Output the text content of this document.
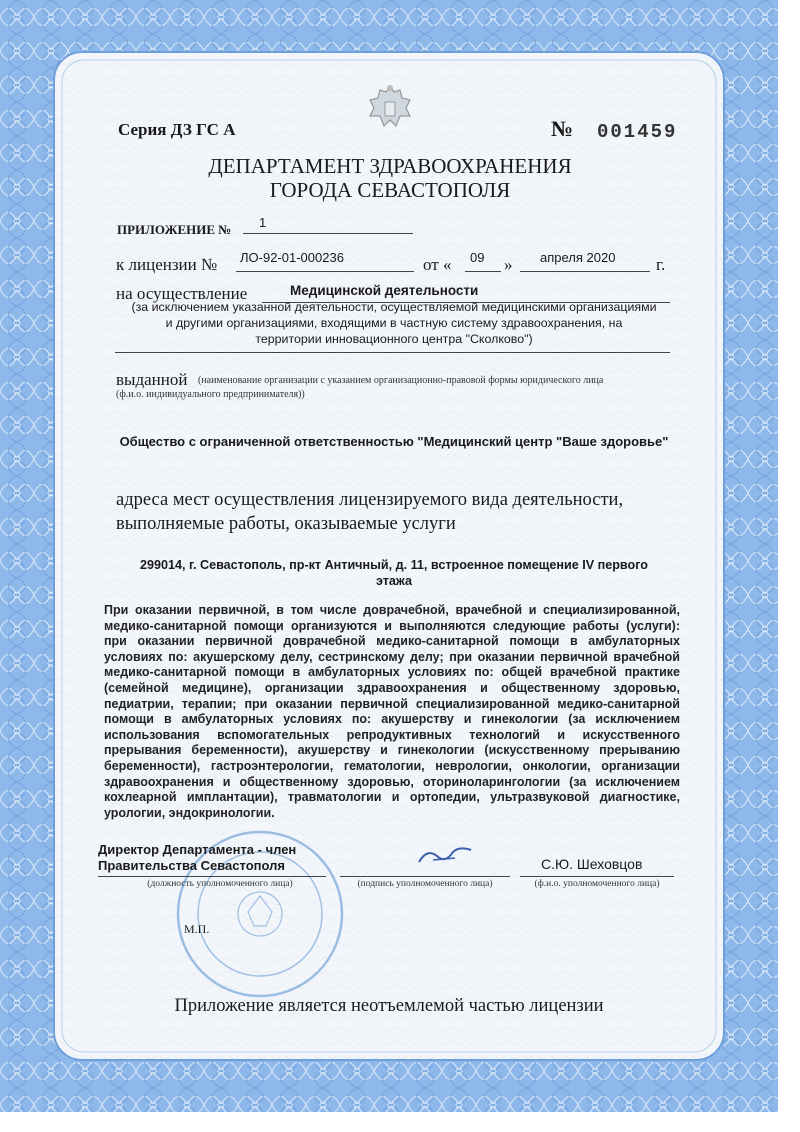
Серия ДЗ ГС А	№ 001459
ДЕПАРТАМЕНТ ЗДРАВООХРАНЕНИЯ
ГОРОДА СЕВАСТОПОЛЯ
ПРИЛОЖЕНИЕ № 1
к лицензии № ЛО-92-01-000236	от « 09 » апреля 2020 г.
на осуществление	Медицинской деятельности
(за исключением указанной деятельности, осуществляемой медицинскими организациями
и другими организациями, входящими в частную систему здравоохранения, на
территории инновационного центра "Сколково")
выданной (наименование организации с указанием организационно-правовой формы юридического лица
(ф.и.о. индивидуального предпринимателя))
Общество с ограниченной ответственностью "Медицинский центр "Ваше здоровье"
адреса мест осуществления лицензируемого вида деятельности,
выполняемые работы, оказываемые услуги
299014, г. Севастополь, пр-кт Античный, д. 11, встроенное помещение IV первого
этажа
При оказании первичной, в том числе доврачебной, врачебной и специализированной, медико-санитарной помощи организуются и выполняются следующие работы (услуги): при оказании первичной доврачебной медико-санитарной помощи в амбулаторных условиях по: акушерскому делу, сестринскому делу; при оказании первичной врачебной медико-санитарной помощи в амбулаторных условиях по: общей врачебной практике (семейной медицине), организации здравоохранения и общественному здоровью, педиатрии, терапии; при оказании первичной специализированной медико-санитарной помощи в амбулаторных условиях по: акушерству и гинекологии (за исключением использования вспомогательных репродуктивных технологий и искусственного прерывания беременности), акушерству и гинекологии (искусственному прерыванию беременности), гастроэнтерологии, гематологии, неврологии, онкологии, организации здравоохранения и общественному здоровью, оториноларингологии (за исключением кохлеарной имплантации), травматологии и ортопедии, ультразвуковой диагностике, урологии, эндокринологии.
Директор Департамента - член
Правительства Севастополя	С.Ю. Шеховцов
(должность уполномоченного лица)	(подпись уполномоченного лица)	(ф.и.о. уполномоченного лица)
М.П.
Приложение является неотъемлемой частью лицензии
